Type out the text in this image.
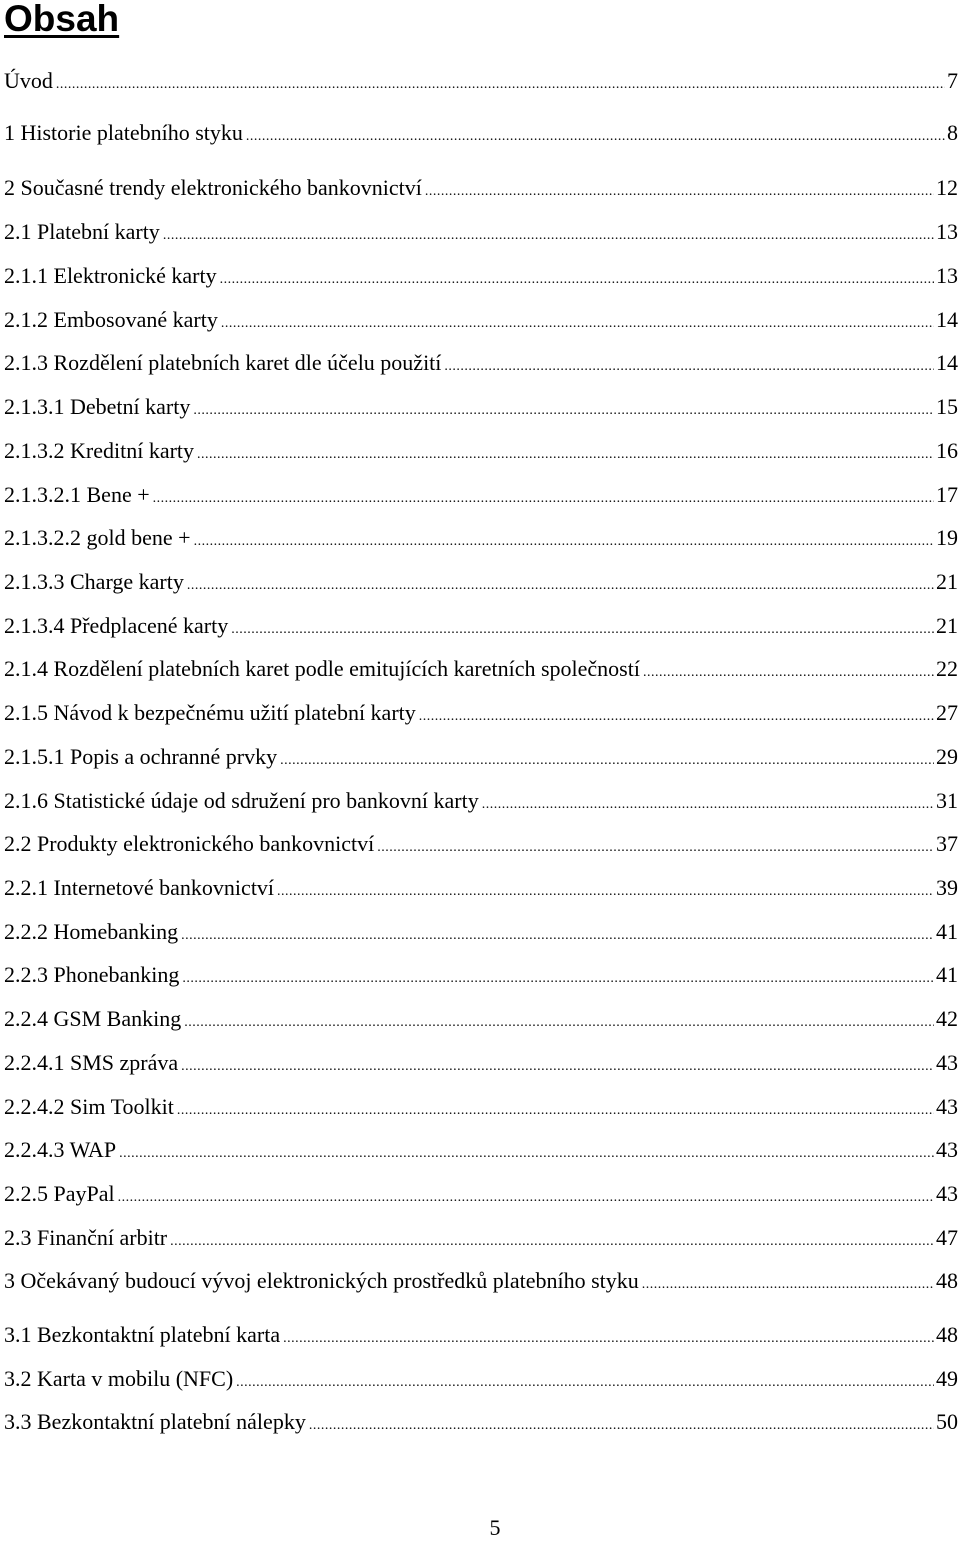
Obsah
Úvod .....	7
1 Historie platebního styku .....	8
2 Současné trendy elektronického bankovnictví .....	12
2.1 Platební karty .....	13
2.1.1 Elektronické karty .....	13
2.1.2 Embosované karty .....	14
2.1.3 Rozdělení platebních karet dle účelu použití .....	14
2.1.3.1 Debetní karty .....	15
2.1.3.2 Kreditní karty .....	16
2.1.3.2.1 Bene + .....	17
2.1.3.2.2 gold bene + .....	19
2.1.3.3 Charge karty .....	21
2.1.3.4 Předplacené karty .....	21
2.1.4 Rozdělení platebních karet podle emitujících karetních společností .....	22
2.1.5 Návod k bezpečnému užití platební karty .....	27
2.1.5.1 Popis a ochranné prvky .....	29
2.1.6 Statistické údaje od sdružení pro bankovní karty .....	31
2.2 Produkty elektronického bankovnictví .....	37
2.2.1 Internetové bankovnictví .....	39
2.2.2 Homebanking .....	41
2.2.3 Phonebanking .....	41
2.2.4 GSM Banking .....	42
2.2.4.1 SMS zpráva .....	43
2.2.4.2 Sim Toolkit .....	43
2.2.4.3 WAP .....	43
2.2.5 PayPal .....	43
2.3 Finanční arbitr .....	47
3 Očekávaný budoucí vývoj elektronických prostředků platebního styku .....	48
3.1 Bezkontaktní platební karta .....	48
3.2 Karta v mobilu (NFC) .....	49
3.3 Bezkontaktní platební nálepky .....	50
5
